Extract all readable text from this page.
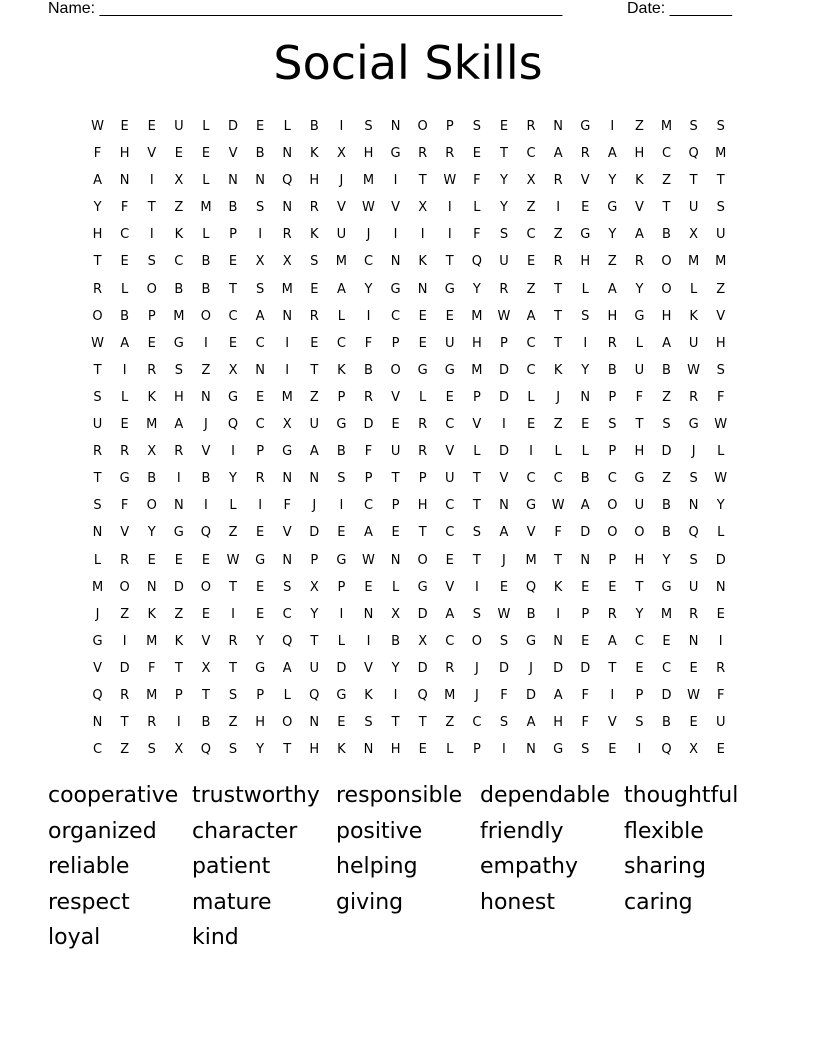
Name: ____________________________________________________	Date: _______
Social Skills
W	E	E	U	L	D	E	L	B	I	S	N	O	P	S	E	R	N	G	I	Z	M	S	S
F	H	V	E	E	V	B	N	K	X	H	G	R	R	E	T	C	A	R	A	H	C	Q	M
A	N	I	X	L	N	N	Q	H	J	M	I	T	W	F	Y	X	R	V	Y	K	Z	T	T
Y	F	T	Z	M	B	S	N	R	V	W	V	X	I	L	Y	Z	I	E	G	V	T	U	S
H	C	I	K	L	P	I	R	K	U	J	I	I	I	F	S	C	Z	G	Y	A	B	X	U
T	E	S	C	B	E	X	X	S	M	C	N	K	T	Q	U	E	R	H	Z	R	O	M	M
R	L	O	B	B	T	S	M	E	A	Y	G	N	G	Y	R	Z	T	L	A	Y	O	L	Z
O	B	P	M	O	C	A	N	R	L	I	C	E	E	M	W	A	T	S	H	G	H	K	V
W	A	E	G	I	E	C	I	E	C	F	P	E	U	H	P	C	T	I	R	L	A	U	H
T	I	R	S	Z	X	N	I	T	K	B	O	G	G	M	D	C	K	Y	B	U	B	W	S
S	L	K	H	N	G	E	M	Z	P	R	V	L	E	P	D	L	J	N	P	F	Z	R	F
U	E	M	A	J	Q	C	X	U	G	D	E	R	C	V	I	E	Z	E	S	T	S	G	W
R	R	X	R	V	I	P	G	A	B	F	U	R	V	L	D	I	L	L	P	H	D	J	L
T	G	B	I	B	Y	R	N	N	S	P	T	P	U	T	V	C	C	B	C	G	Z	S	W
S	F	O	N	I	L	I	F	J	I	C	P	H	C	T	N	G	W	A	O	U	B	N	Y
N	V	Y	G	Q	Z	E	V	D	E	A	E	T	C	S	A	V	F	D	O	O	B	Q	L
L	R	E	E	E	W	G	N	P	G	W	N	O	E	T	J	M	T	N	P	H	Y	S	D
M	O	N	D	O	T	E	S	X	P	E	L	G	V	I	E	Q	K	E	E	T	G	U	N
J	Z	K	Z	E	I	E	C	Y	I	N	X	D	A	S	W	B	I	P	R	Y	M	R	E
G	I	M	K	V	R	Y	Q	T	L	I	B	X	C	O	S	G	N	E	A	C	E	N	I
V	D	F	T	X	T	G	A	U	D	V	Y	D	R	J	D	J	D	D	T	E	C	E	R
Q	R	M	P	T	S	P	L	Q	G	K	I	Q	M	J	F	D	A	F	I	P	D	W	F
N	T	R	I	B	Z	H	O	N	E	S	T	T	Z	C	S	A	H	F	V	S	B	E	U
C	Z	S	X	Q	S	Y	T	H	K	N	H	E	L	P	I	N	G	S	E	I	Q	X	E
cooperative trustworthy responsible dependable thoughtful
organized	character	positive	friendly	flexible
reliable	patient	helping	empathy	sharing
respect	mature	giving	honest	caring
loyal	kind
